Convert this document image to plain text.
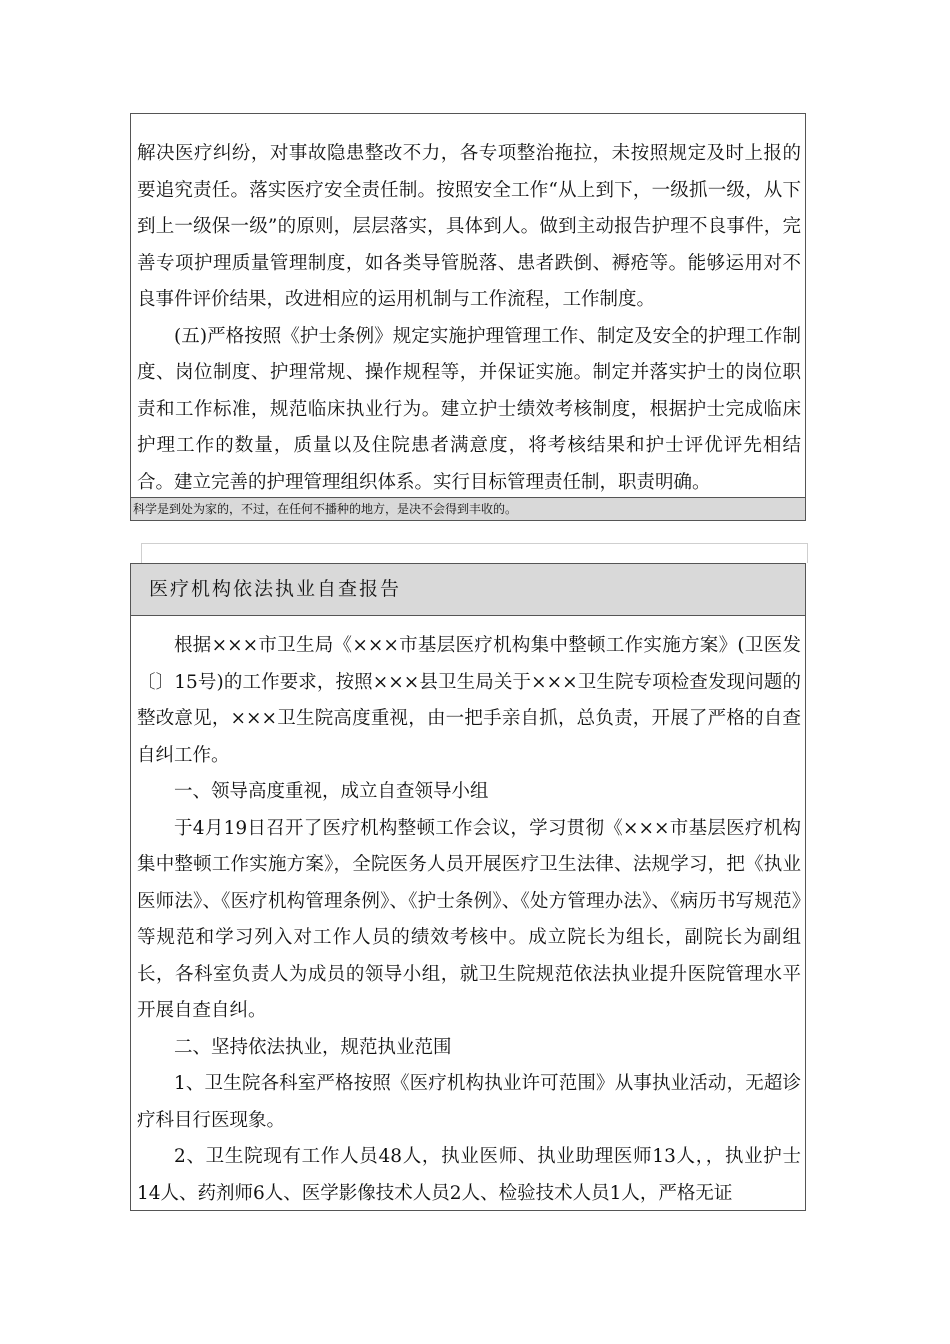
解决医疗纠纷，对事故隐患整改不力，各专项整治拖拉，未按照规定及时上报的要追究责任。落实医疗安全责任制。按照安全工作“从上到下，一级抓一级，从下到上一级保一级”的原则，层层落实，具体到人。做到主动报告护理不良事件，完善专项护理质量管理制度，如各类导管脱落、患者跌倒、褥疮等。能够运用对不良事件评价结果，改进相应的运用机制与工作流程，工作制度。

(五)严格按照《护士条例》规定实施护理管理工作、制定及安全的护理工作制度、岗位制度、护理常规、操作规程等，并保证实施。制定并落实护士的岗位职责和工作标准，规范临床执业行为。建立护士绩效考核制度，根据护士完成临床护理工作的数量，质量以及住院患者满意度，将考核结果和护士评优评先相结合。建立完善的护理管理组织体系。实行目标管理责任制，职责明确。

科学是到处为家的，不过，在任何不播种的地方，是决不会得到丰收的。
医疗机构依法执业自查报告

根据×××市卫生局《×××市基层医疗机构集中整顿工作实施方案》(卫医发〔〕15号)的工作要求，按照×××县卫生局关于×××卫生院专项检查发现问题的整改意见，×××卫生院高度重视，由一把手亲自抓，总负责，开展了严格的自查自纠工作。

一、领导高度重视，成立自查领导小组

于4月19日召开了医疗机构整顿工作会议，学习贯彻《×××市基层医疗机构集中整顿工作实施方案》，全院医务人员开展医疗卫生法律、法规学习，把《执业医师法》、《医疗机构管理条例》、《护士条例》、《处方管理办法》、《病历书写规范》等规范和学习列入对工作人员的绩效考核中。成立院长为组长，副院长为副组长，各科室负责人为成员的领导小组，就卫生院规范依法执业提升医院管理水平开展自查自纠。

二、坚持依法执业，规范执业范围

1、卫生院各科室严格按照《医疗机构执业许可范围》从事执业活动，无超诊疗科目行医现象。

2、卫生院现有工作人员48人，执业医师、执业助理医师13人，，执业护士14人、药剂师6人、医学影像技术人员2人、检验技术人员1人，严格无证
